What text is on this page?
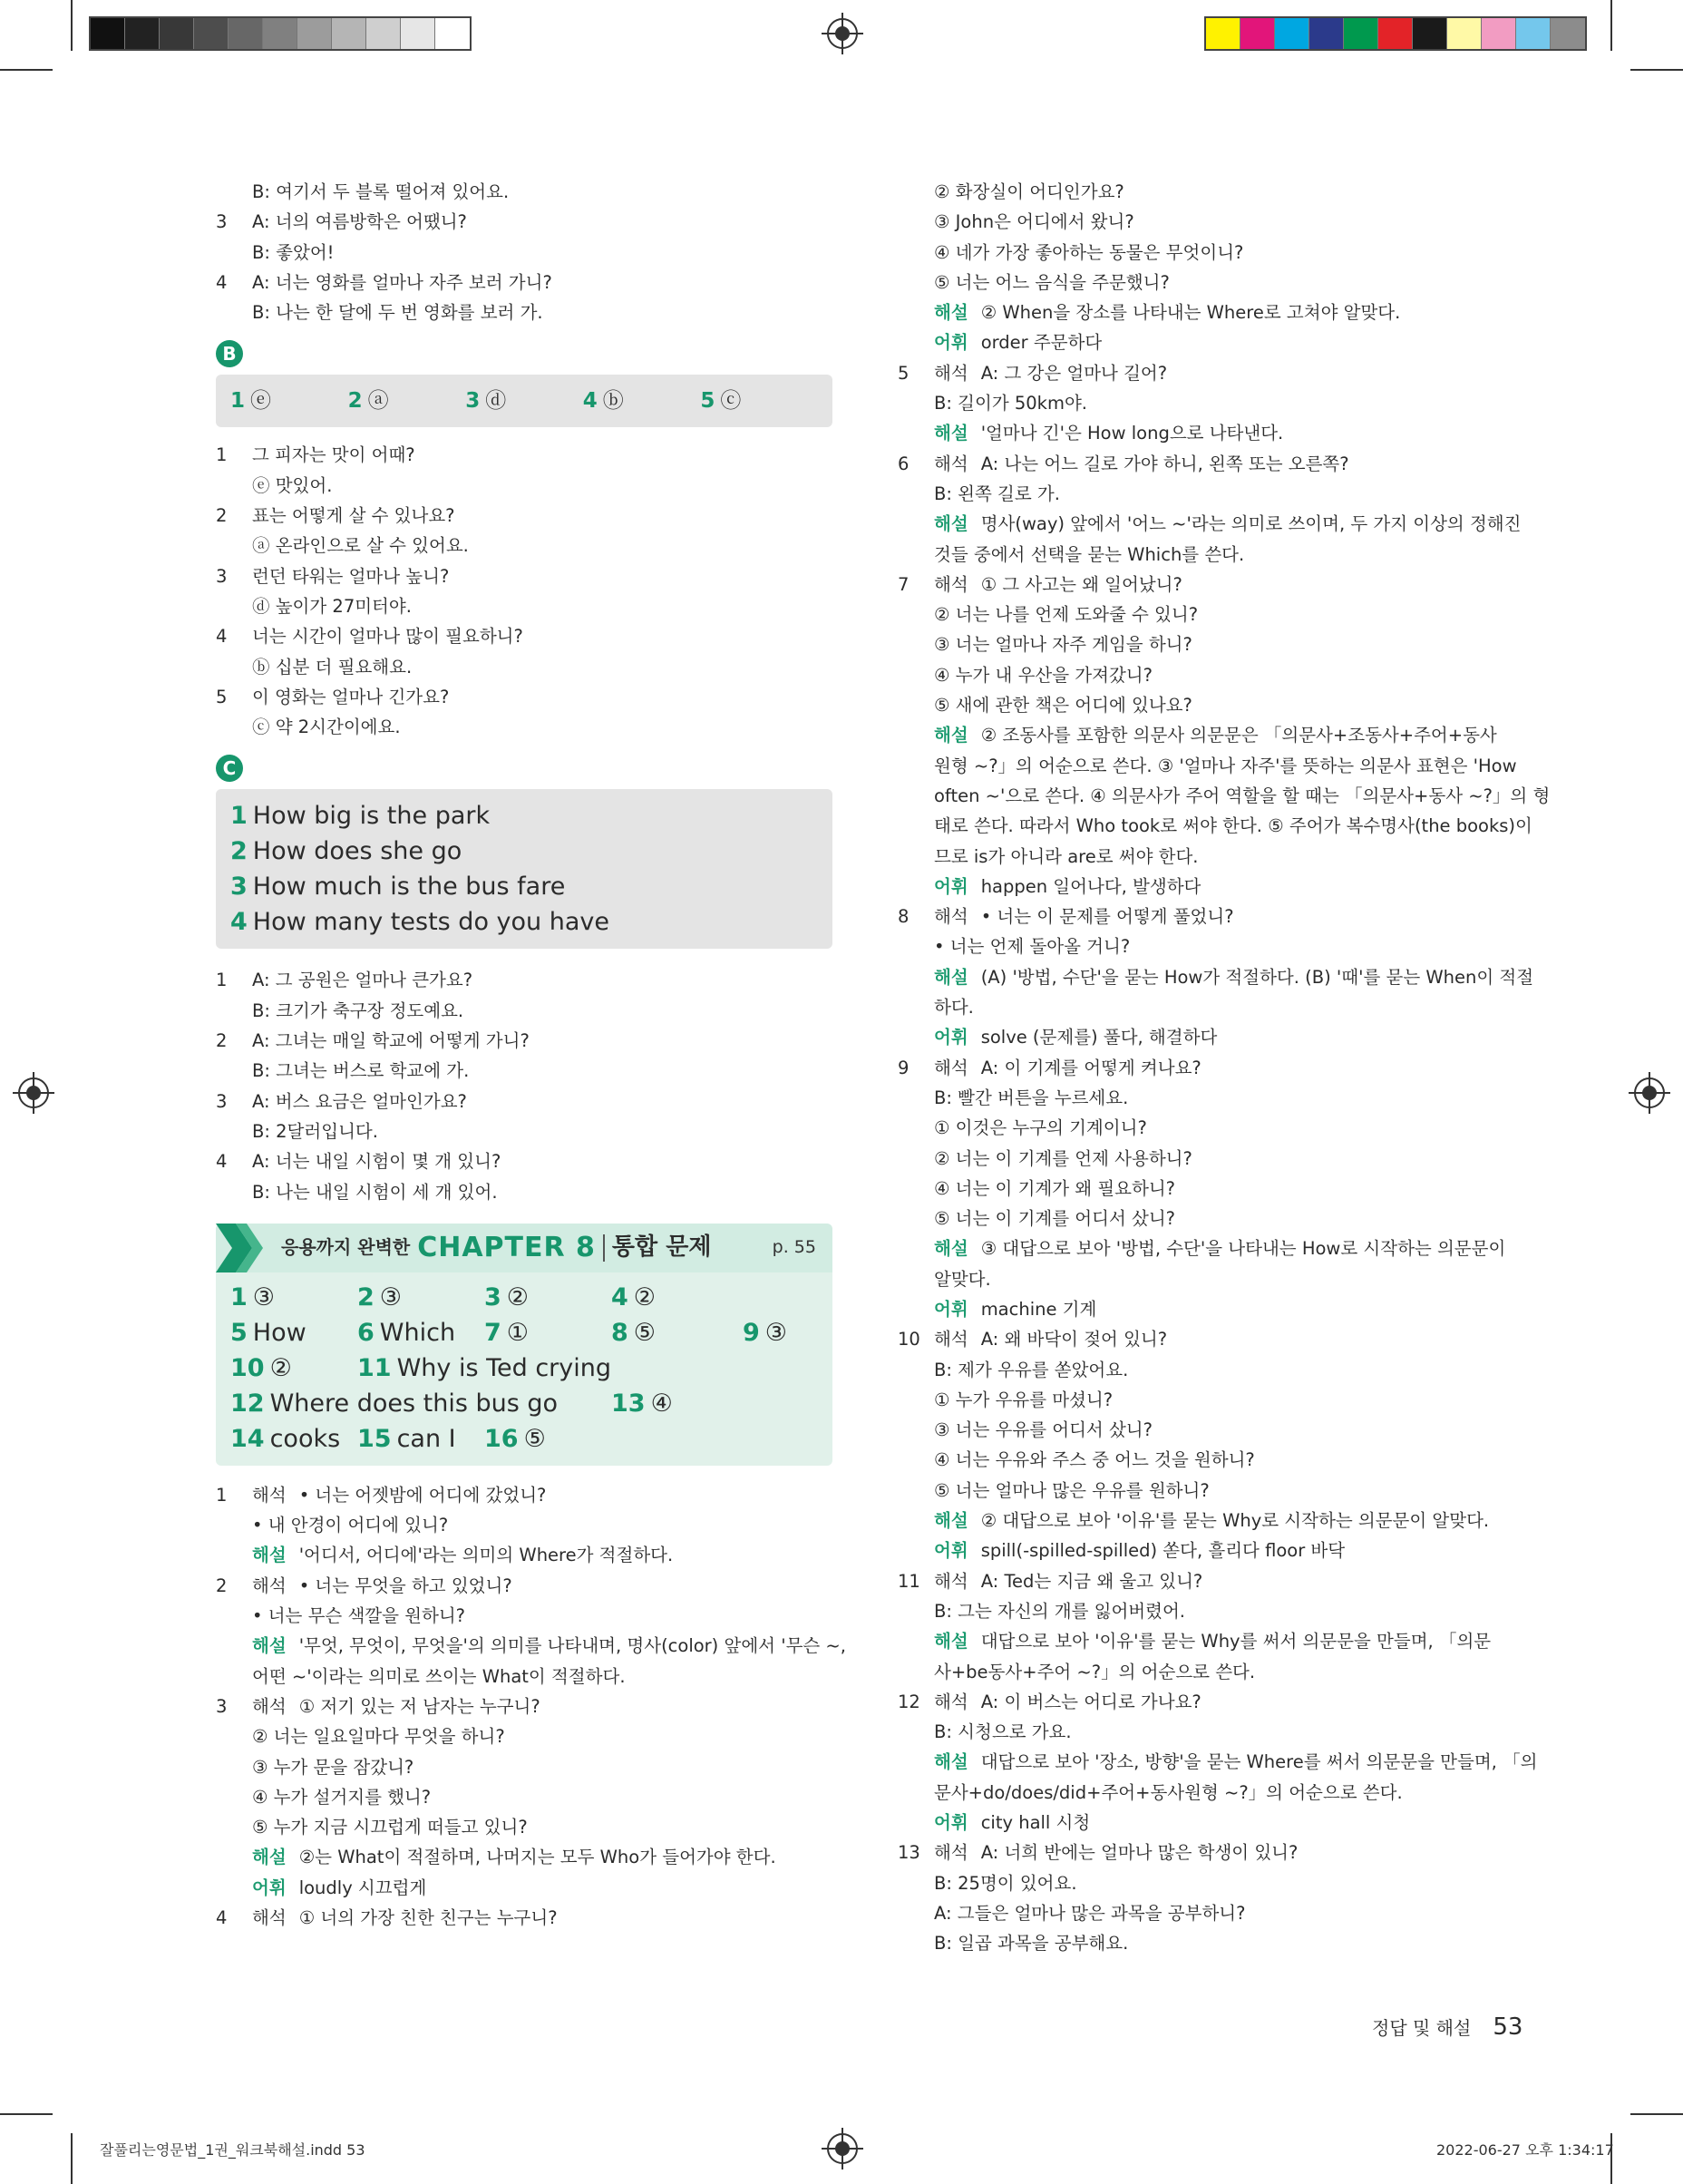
B: 여기서 두 블록 떨어져 있어요.
3 A: 너의 여름방학은 어땠니?
B: 좋았어!
4 A: 너는 영화를 얼마나 자주 보러 가니?
B: 나는 한 달에 두 번 영화를 보러 가.
B
1 ⓔ	2 ⓐ	3 ⓓ	4 ⓑ	5 ⓒ
1 그 피자는 맛이 어때?
ⓔ 맛있어.
2 표는 어떻게 살 수 있나요?
ⓐ 온라인으로 살 수 있어요.
3 런던 타워는 얼마나 높니?
ⓓ 높이가 27미터야.
4 너는 시간이 얼마나 많이 필요하니?
ⓑ 십분 더 필요해요.
5 이 영화는 얼마나 긴가요?
ⓒ 약 2시간이에요.
C
1 How big is the park
2 How does she go
3 How much is the bus fare
4 How many tests do you have
1 A: 그 공원은 얼마나 큰가요?
B: 크기가 축구장 정도예요.
2 A: 그녀는 매일 학교에 어떻게 가니?
B: 그녀는 버스로 학교에 가.
3 A: 버스 요금은 얼마인가요?
B: 2달러입니다.
4 A: 너는 내일 시험이 몇 개 있니?
B: 나는 내일 시험이 세 개 있어.
응용까지 완벽한 CHAPTER 8 통합 문제	p. 55
1 ③	2 ③	3 ②	4 ②
5 How 6 Which 7 ①	8 ⑤	9 ③
10 ②	11 Why is Ted crying
12 Where does this bus go 13 ④
14 cooks 15 can I 16 ⑤
1 해석 • 너는 어젯밤에 어디에 갔었니?
• 내 안경이 어디에 있니?
해설 '어디서, 어디에'라는 의미의 Where가 적절하다.
2 해석 • 너는 무엇을 하고 있었니?
• 너는 무슨 색깔을 원하니?
해설 '무엇, 무엇이, 무엇을'의 의미를 나타내며, 명사(color) 앞에서 '무슨 ~,
어떤 ~'이라는 의미로 쓰이는 What이 적절하다.
3 해석 ① 저기 있는 저 남자는 누구니?
② 너는 일요일마다 무엇을 하니?
③ 누가 문을 잠갔니?
④ 누가 설거지를 했니?
⑤ 누가 지금 시끄럽게 떠들고 있니?
해설 ②는 What이 적절하며, 나머지는 모두 Who가 들어가야 한다.
어휘 loudly 시끄럽게
4 해석 ① 너의 가장 친한 친구는 누구니?
② 화장실이 어디인가요?
③ John은 어디에서 왔니?
④ 네가 가장 좋아하는 동물은 무엇이니?
⑤ 너는 어느 음식을 주문했니?
해설 ② When을 장소를 나타내는 Where로 고쳐야 알맞다.
어휘 order 주문하다
5 해석 A: 그 강은 얼마나 길어?
B: 길이가 50km야.
해설 '얼마나 긴'은 How long으로 나타낸다.
6 해석 A: 나는 어느 길로 가야 하니, 왼쪽 또는 오른쪽?
B: 왼쪽 길로 가.
해설 명사(way) 앞에서 '어느 ~'라는 의미로 쓰이며, 두 가지 이상의 정해진
것들 중에서 선택을 묻는 Which를 쓴다.
7 해석 ① 그 사고는 왜 일어났니?
② 너는 나를 언제 도와줄 수 있니?
③ 너는 얼마나 자주 게임을 하니?
④ 누가 내 우산을 가져갔니?
⑤ 새에 관한 책은 어디에 있나요?
해설 ② 조동사를 포함한 의문사 의문문은 「의문사+조동사+주어+동사
원형 ~?」의 어순으로 쓴다. ③ '얼마나 자주'를 뜻하는 의문사 표현은 'How
often ~'으로 쓴다. ④ 의문사가 주어 역할을 할 때는 「의문사+동사 ~?」의 형
태로 쓴다. 따라서 Who took로 써야 한다. ⑤ 주어가 복수명사(the books)이
므로 is가 아니라 are로 써야 한다.
어휘 happen 일어나다, 발생하다
8 해석 • 너는 이 문제를 어떻게 풀었니?
• 너는 언제 돌아올 거니?
해설 (A) '방법, 수단'을 묻는 How가 적절하다. (B) '때'를 묻는 When이 적절
하다.
어휘 solve (문제를) 풀다, 해결하다
9 해석 A: 이 기계를 어떻게 켜나요?
B: 빨간 버튼을 누르세요.
① 이것은 누구의 기계이니?
② 너는 이 기계를 언제 사용하니?
④ 너는 이 기계가 왜 필요하니?
⑤ 너는 이 기계를 어디서 샀니?
해설 ③ 대답으로 보아 '방법, 수단'을 나타내는 How로 시작하는 의문문이
알맞다.
어휘 machine 기계
10 해석 A: 왜 바닥이 젖어 있니?
B: 제가 우유를 쏟았어요.
① 누가 우유를 마셨니?
③ 너는 우유를 어디서 샀니?
④ 너는 우유와 주스 중 어느 것을 원하니?
⑤ 너는 얼마나 많은 우유를 원하니?
해설 ② 대답으로 보아 '이유'를 묻는 Why로 시작하는 의문문이 알맞다.
어휘 spill(-spilled-spilled) 쏟다, 흘리다 floor 바닥
11 해석 A: Ted는 지금 왜 울고 있니?
B: 그는 자신의 개를 잃어버렸어.
해설 대답으로 보아 '이유'를 묻는 Why를 써서 의문문을 만들며, 「의문
사+be동사+주어 ~?」의 어순으로 쓴다.
12 해석 A: 이 버스는 어디로 가나요?
B: 시청으로 가요.
해설 대답으로 보아 '장소, 방향'을 묻는 Where를 써서 의문문을 만들며, 「의
문사+do/does/did+주어+동사원형 ~?」의 어순으로 쓴다.
어휘 city hall 시청
13 해석 A: 너희 반에는 얼마나 많은 학생이 있니?
B: 25명이 있어요.
A: 그들은 얼마나 많은 과목을 공부하니?
B: 일곱 과목을 공부해요.
정답 및 해설 53
잘풀리는영문법_1권_워크북해설.indd 53	2022-06-27 오후 1:34:17
